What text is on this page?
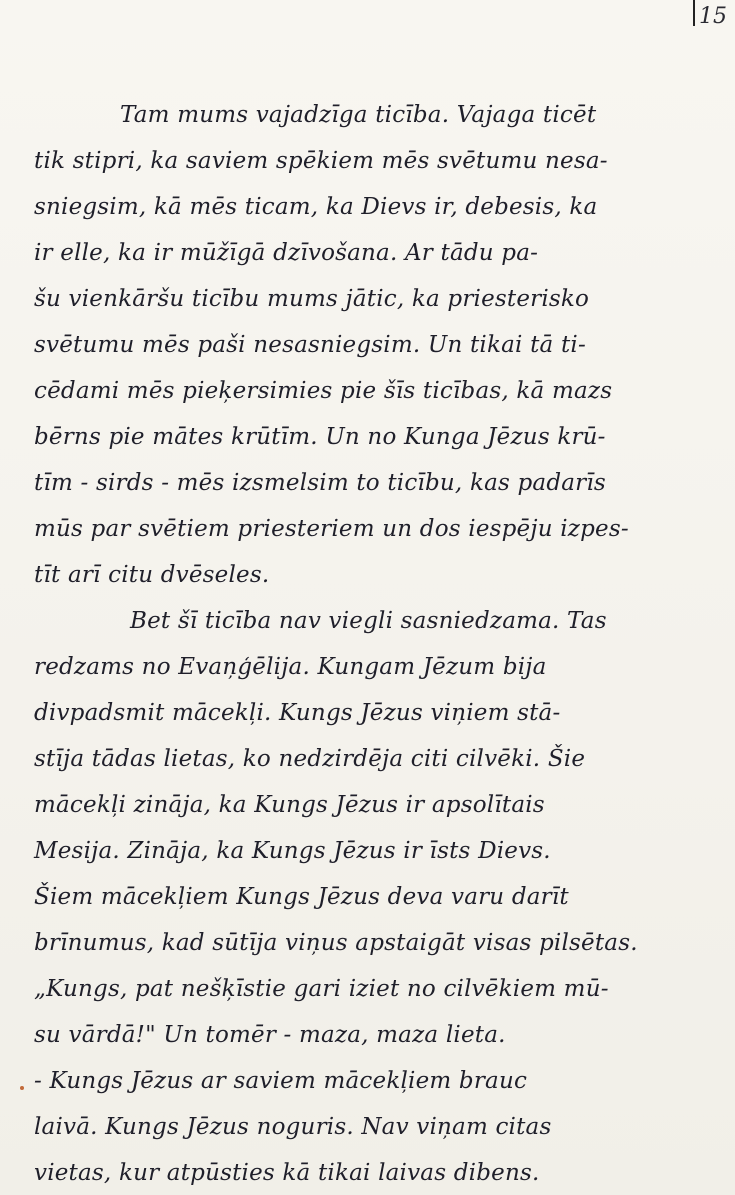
15
Tam mums vajadzīga ticība. Vajaga ticēt
tik stipri, ka saviem spēkiem mēs svētumu nesa-
sniegsim, kā mēs ticam, ka Dievs ir, debesis, ka
ir elle, ka ir mūžīgā dzīvošana. Ar tādu pa-
šu vienkāršu ticību mums jātic, ka priesterisko
svētumu mēs paši nesasniegsim. Un tikai tā ti-
cēdami mēs pieķersimies pie šīs ticības, kā mazs
bērns pie mātes krūtīm. Un no Kunga Jēzus krū-
tīm - sirds - mēs izsmelsim to ticību, kas padarīs
mūs par svētiem priesteriem un dos iespēju izpes-
tīt arī citu dvēseles.
Bet šī ticība nav viegli sasniedzama. Tas
redzams no Evaņģēlija. Kungam Jēzum bija
divpadsmit mācekļi. Kungs Jēzus viņiem stā-
stīja tādas lietas, ko nedzirdēja citi cilvēki. Šie
mācekļi zināja, ka Kungs Jēzus ir apsolītais
Mesija. Zināja, ka Kungs Jēzus ir īsts Dievs.
Šiem mācekļiem Kungs Jēzus deva varu darīt
brīnumus, kad sūtīja viņus apstaigāt visas pilsētas.
„Kungs, pat nešķīstie gari iziet no cilvēkiem mū-
su vārdā!" Un tomēr - maza, maza lieta.
- Kungs Jēzus ar saviem mācekļiem brauc
laivā. Kungs Jēzus noguris. Nav viņam citas
vietas, kur atpūsties kā tikai laivas dibens.
